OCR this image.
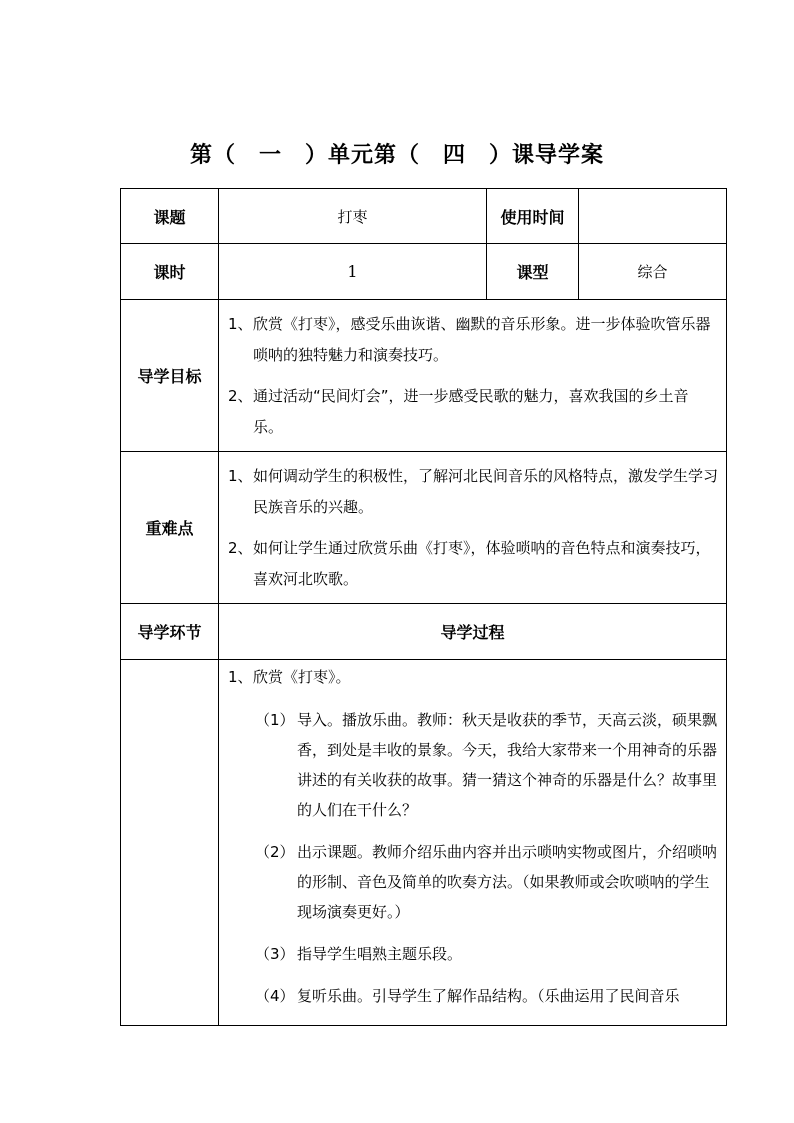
第（　一　）单元第（　四　）课导学案
课题	打枣	使用时间	
课时	1	课型	综合
导学目标	1、欣赏《打枣》，感受乐曲诙谐、幽默的音乐形象。进一步体验吹管乐器唢呐的独特魅力和演奏技巧。

2、通过活动“民间灯会”，进一步感受民歌的魅力，喜欢我国的乡土音乐。		

重难点	1、如何调动学生的积极性，了解河北民间音乐的风格特点，激发学生学习民族音乐的兴趣。

2、如何让学生通过欣赏乐曲《打枣》，体验唢呐的音色特点和演奏技巧，喜欢河北吹歌。		

导学环节	导学过程		

	1、欣赏《打枣》。

（1） 导入。播放乐曲。教师：秋天是收获的季节，天高云淡，硕果飘香，到处是丰收的景象。今天，我给大家带来一个用神奇的乐器讲述的有关收获的故事。猜一猜这个神奇的乐器是什么？故事里的人们在干什么？

（2） 出示课题。教师介绍乐曲内容并出示唢呐实物或图片，介绍唢呐的形制、音色及简单的吹奏方法。（如果教师或会吹唢呐的学生现场演奏更好。）

（3） 指导学生唱熟主题乐段。

（4） 复听乐曲。引导学生了解作品结构。（乐曲运用了民间音乐		
